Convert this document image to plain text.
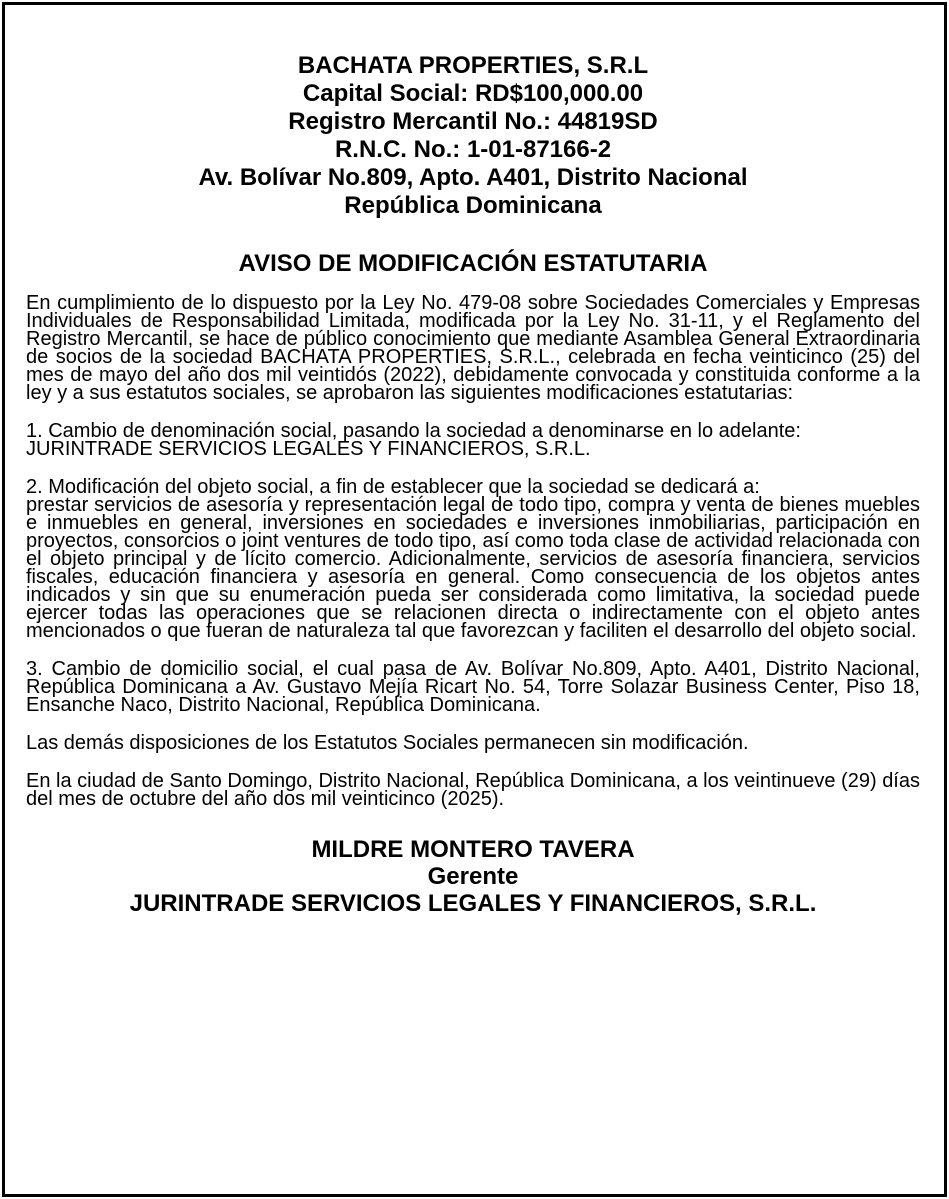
BACHATA PROPERTIES, S.R.L
Capital Social: RD$100,000.00
Registro Mercantil No.: 44819SD
R.N.C. No.: 1-01-87166-2
Av. Bolívar No.809, Apto. A401, Distrito Nacional
República Dominicana
AVISO DE MODIFICACIÓN ESTATUTARIA

En cumplimiento de lo dispuesto por la Ley No. 479-08 sobre Sociedades Comerciales y Empresas Individuales de Responsabilidad Limitada, modificada por la Ley No. 31-11, y el Reglamento del Registro Mercantil, se hace de público conocimiento que mediante Asamblea General Extraordinaria de socios de la sociedad BACHATA PROPERTIES, S.R.L., celebrada en fecha veinticinco (25) del mes de mayo del año dos mil veintidós (2022), debidamente convocada y constituida conforme a la ley y a sus estatutos sociales, se aprobaron las siguientes modificaciones estatutarias:

1. Cambio de denominación social, pasando la sociedad a denominarse en lo adelante:
JURINTRADE SERVICIOS LEGALES Y FINANCIEROS, S.R.L.

2. Modificación del objeto social, a fin de establecer que la sociedad se dedicará a:
prestar servicios de asesoría y representación legal de todo tipo, compra y venta de bienes muebles e inmuebles en general, inversiones en sociedades e inversiones inmobiliarias, participación en proyectos, consorcios o joint ventures de todo tipo, así como toda clase de actividad relacionada con el objeto principal y de lícito comercio. Adicionalmente, servicios de asesoría financiera, servicios fiscales, educación financiera y asesoría en general. Como consecuencia de los objetos antes indicados y sin que su enumeración pueda ser considerada como limitativa, la sociedad puede ejercer todas las operaciones que se relacionen directa o indirectamente con el objeto antes mencionados o que fueran de naturaleza tal que favorezcan y faciliten el desarrollo del objeto social.

3. Cambio de domicilio social, el cual pasa de Av. Bolívar No.809, Apto. A401, Distrito Nacional, República Dominicana a Av. Gustavo Mejía Ricart No. 54, Torre Solazar Business Center, Piso 18, Ensanche Naco, Distrito Nacional, República Dominicana.

Las demás disposiciones de los Estatutos Sociales permanecen sin modificación.

En la ciudad de Santo Domingo, Distrito Nacional, República Dominicana, a los veintinueve (29) días del mes de octubre del año dos mil veinticinco (2025).

MILDRE MONTERO TAVERA
Gerente
JURINTRADE SERVICIOS LEGALES Y FINANCIEROS, S.R.L.
